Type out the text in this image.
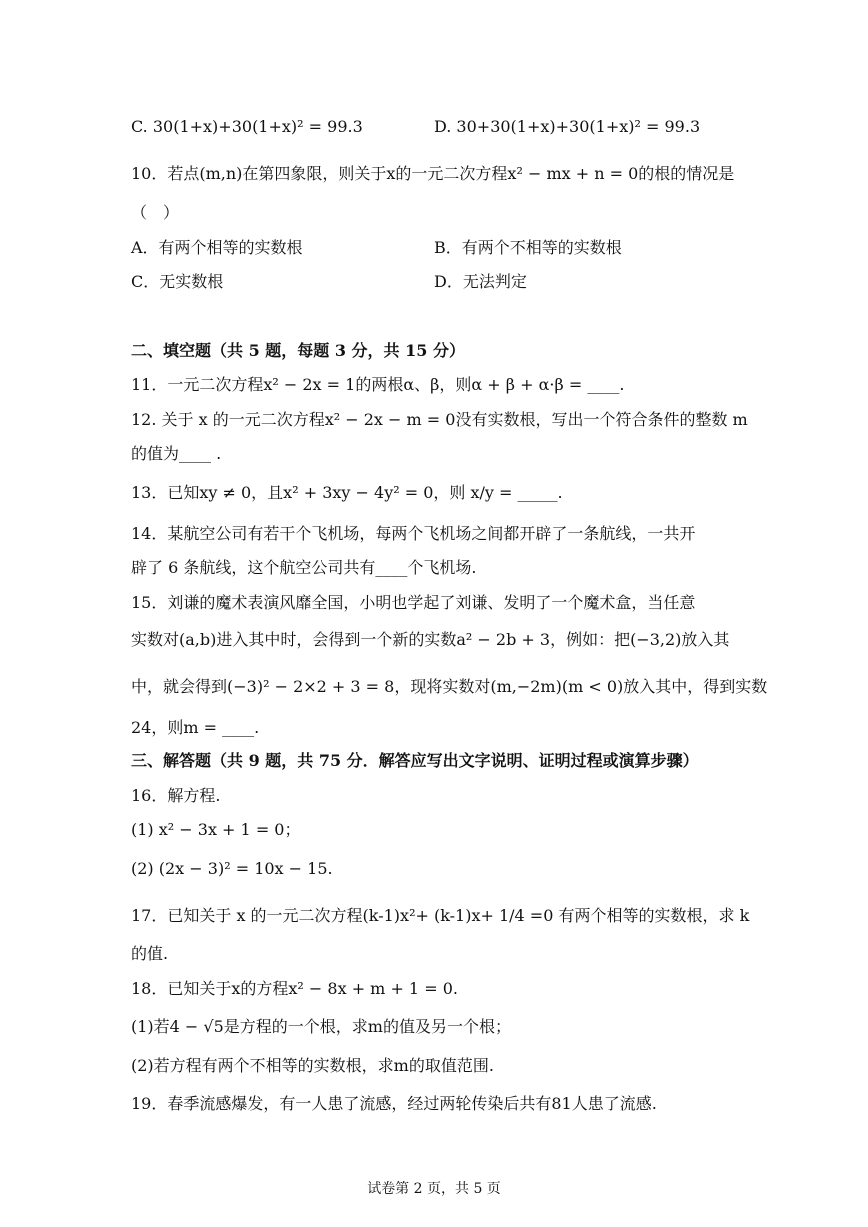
C. 30(1+x)+30(1+x)² = 99.3	D. 30+30(1+x)+30(1+x)² = 99.3
10．若点(m,n)在第四象限，则关于x的一元二次方程x² − mx + n = 0的根的情况是
（　）
A．有两个相等的实数根	B．有两个不相等的实数根
C．无实数根	D．无法判定
二、填空题（共 5 题，每题 3 分，共 15 分）
11．一元二次方程x² − 2x = 1的两根α、β，则α + β + α·β = ____.
12. 关于 x 的一元二次方程x² − 2x − m = 0没有实数根，写出一个符合条件的整数 m
的值为____ .
13．已知xy ≠ 0，且x² + 3xy − 4y² = 0，则 x/y = _____.
14．某航空公司有若干个飞机场，每两个飞机场之间都开辟了一条航线，一共开
辟了 6 条航线，这个航空公司共有____个飞机场.
15．刘谦的魔术表演风靡全国，小明也学起了刘谦、发明了一个魔术盒，当任意
实数对(a,b)进入其中时，会得到一个新的实数a² − 2b + 3，例如：把(−3,2)放入其
中，就会得到(−3)² − 2×2 + 3 = 8，现将实数对(m,−2m)(m < 0)放入其中，得到实数
24，则m = ____.
三、解答题（共 9 题，共 75 分．解答应写出文字说明、证明过程或演算步骤）
16．解方程.
(1) x² − 3x + 1 = 0；
(2) (2x − 3)² = 10x − 15.
17．已知关于 x 的一元二次方程(k-1)x²+ (k-1)x+ 1/4 =0 有两个相等的实数根，求 k
的值.
18．已知关于x的方程x² − 8x + m + 1 = 0.
(1)若4 − √5是方程的一个根，求m的值及另一个根；
(2)若方程有两个不相等的实数根，求m的取值范围.
19．春季流感爆发，有一人患了流感，经过两轮传染后共有81人患了流感.
试卷第 2 页，共 5 页
